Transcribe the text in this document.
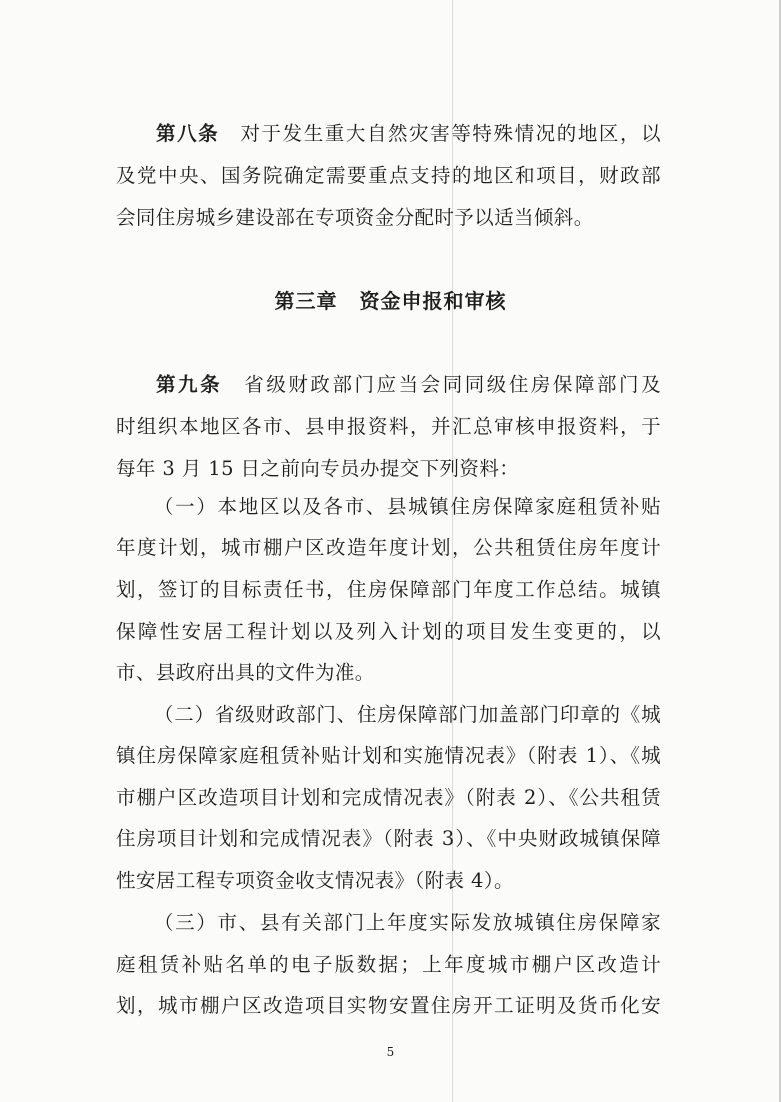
第八条 对于发生重大自然灾害等特殊情况的地区，以
及党中央、国务院确定需要重点支持的地区和项目，财政部
会同住房城乡建设部在专项资金分配时予以适当倾斜。
第三章 资金申报和审核
第九条 省级财政部门应当会同同级住房保障部门及
时组织本地区各市、县申报资料，并汇总审核申报资料，于
每年 3 月 15 日之前向专员办提交下列资料：
（一）本地区以及各市、县城镇住房保障家庭租赁补贴
年度计划，城市棚户区改造年度计划，公共租赁住房年度计
划，签订的目标责任书，住房保障部门年度工作总结。城镇
保障性安居工程计划以及列入计划的项目发生变更的，以
市、县政府出具的文件为准。
（二）省级财政部门、住房保障部门加盖部门印章的《城
镇住房保障家庭租赁补贴计划和实施情况表》（附表 1）、《城
市棚户区改造项目计划和完成情况表》（附表 2）、《公共租赁
住房项目计划和完成情况表》（附表 3）、《中央财政城镇保障
性安居工程专项资金收支情况表》（附表 4）。
（三）市、县有关部门上年度实际发放城镇住房保障家
庭租赁补贴名单的电子版数据；上年度城市棚户区改造计
划，城市棚户区改造项目实物安置住房开工证明及货币化安
5
